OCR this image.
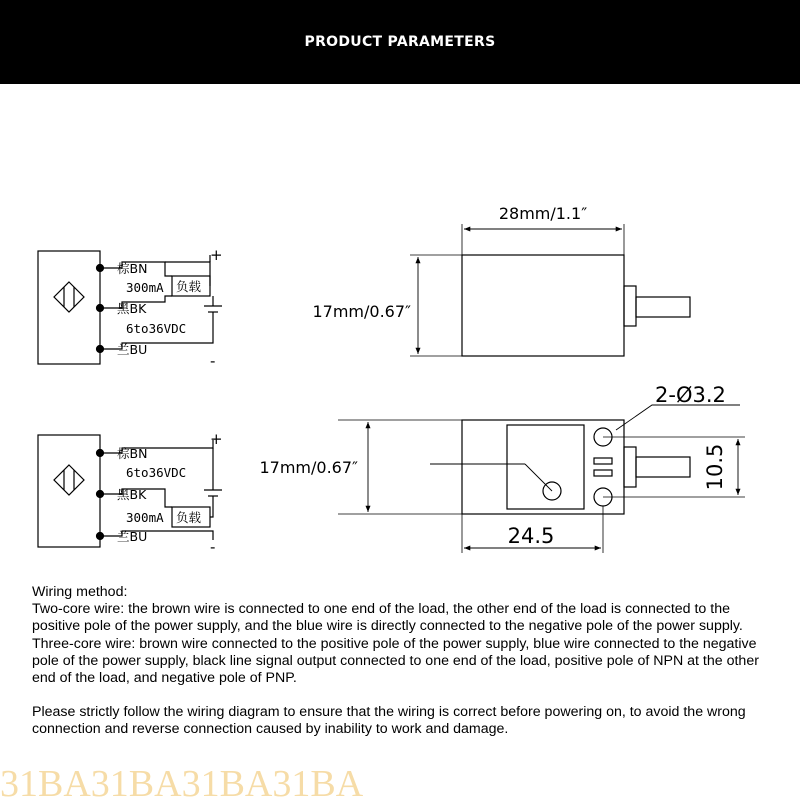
PRODUCT PARAMETERS
棕BN
300mA 负载
黑BK
6to36VDC
兰BU
+
-
棕BN
6to36VDC
黑BK
300mA 负载
兰BU
+
-
28mm/1.1″
17mm/0.67″
17mm/0.67″
2-Ø3.2
10.5
24.5

Wiring method:

Two-core wire: the brown wire is connected to one end of the load, the other end of the load is connected to the positive pole of the power supply, and the blue wire is directly connected to the negative pole of the power supply.

Three-core wire: brown wire connected to the positive pole of the power supply, blue wire connected to the negative pole of the power supply, black line signal output connected to one end of the load, positive pole of NPN at the other end of the load, and negative pole of PNP.

Please strictly follow the wiring diagram to ensure that the wiring is correct before powering on, to avoid the wrong connection and reverse connection caused by inability to work and damage.

31BA31BA31BA31BA
